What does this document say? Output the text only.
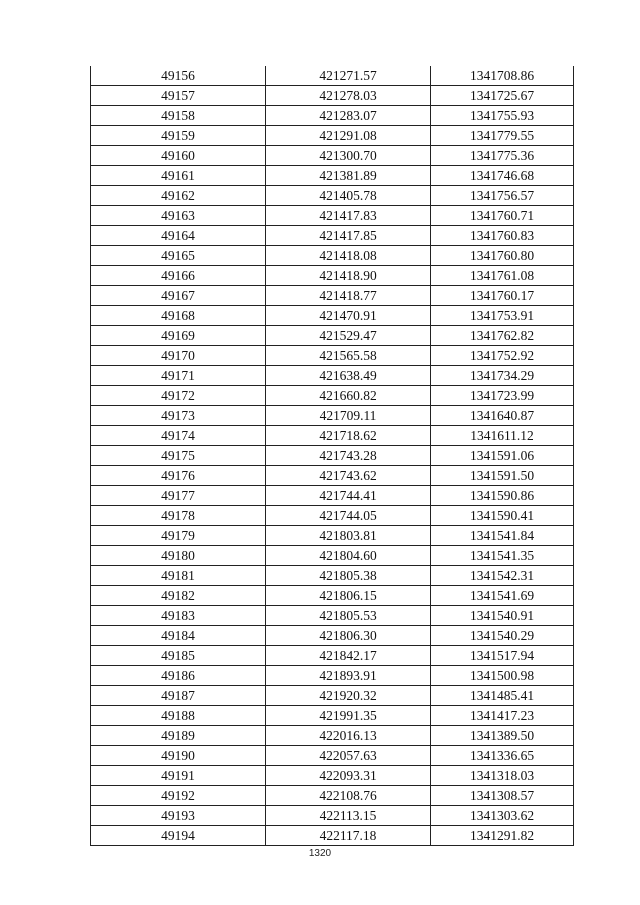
49156	421271.57	1341708.86
49157	421278.03	1341725.67
49158	421283.07	1341755.93
49159	421291.08	1341779.55
49160	421300.70	1341775.36
49161	421381.89	1341746.68
49162	421405.78	1341756.57
49163	421417.83	1341760.71
49164	421417.85	1341760.83
49165	421418.08	1341760.80
49166	421418.90	1341761.08
49167	421418.77	1341760.17
49168	421470.91	1341753.91
49169	421529.47	1341762.82
49170	421565.58	1341752.92
49171	421638.49	1341734.29
49172	421660.82	1341723.99
49173	421709.11	1341640.87
49174	421718.62	1341611.12
49175	421743.28	1341591.06
49176	421743.62	1341591.50
49177	421744.41	1341590.86
49178	421744.05	1341590.41
49179	421803.81	1341541.84
49180	421804.60	1341541.35
49181	421805.38	1341542.31
49182	421806.15	1341541.69
49183	421805.53	1341540.91
49184	421806.30	1341540.29
49185	421842.17	1341517.94
49186	421893.91	1341500.98
49187	421920.32	1341485.41
49188	421991.35	1341417.23
49189	422016.13	1341389.50
49190	422057.63	1341336.65
49191	422093.31	1341318.03
49192	422108.76	1341308.57
49193	422113.15	1341303.62
49194	422117.18	1341291.82
1320
